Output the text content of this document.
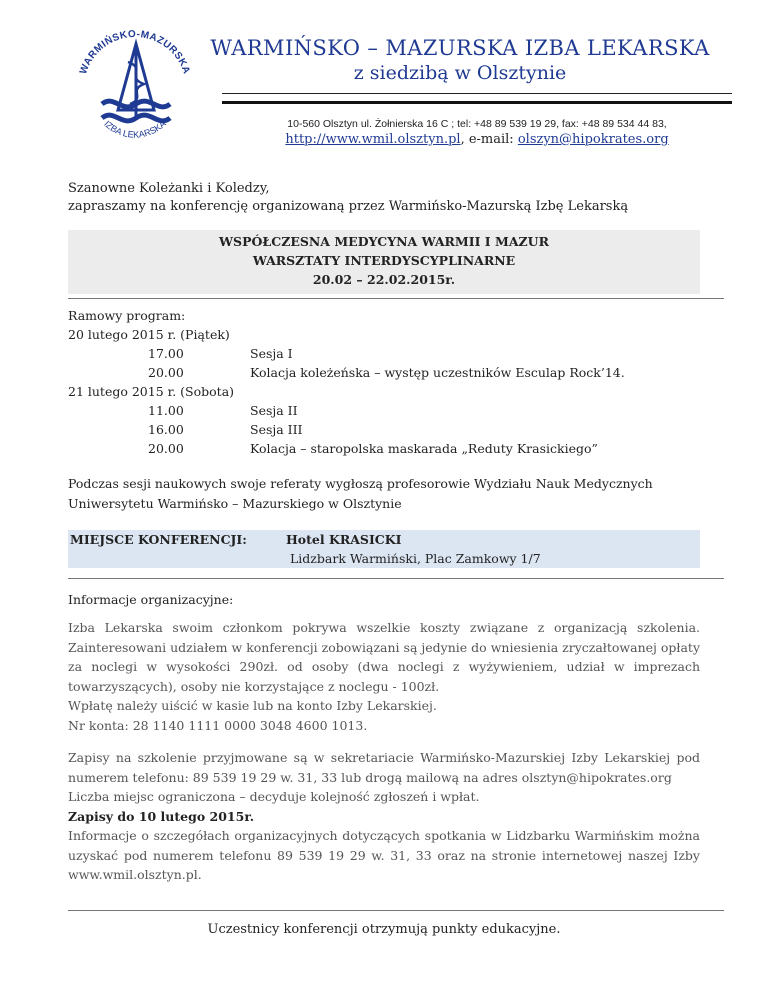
WARMIŃSKO-MAZURSKA
IZBA LEKARSKA
WARMIŃSKO – MAZURSKA IZBA LEKARSKA
z siedzibą w Olsztynie
10-560 Olsztyn ul. Żołnierska 16 C ; tel: +48 89 539 19 29, fax: +48 89 534 44 83,
http://www.wmil.olsztyn.pl, e-mail: olszyn@hipokrates.org
Szanowne Koleżanki i Koledzy,
zapraszamy na konferencję organizowaną przez Warmińsko-Mazurską Izbę Lekarską
WSPÓŁCZESNA MEDYCYNA WARMII I MAZUR
WARSZTATY INTERDYSCYPLINARNE
20.02 – 22.02.2015r.
Ramowy program:
20 lutego 2015 r. (Piątek)
17.00	Sesja I
20.00	Kolacja koleżeńska – występ uczestników Esculap Rock’14.
21 lutego 2015 r. (Sobota)
11.00	Sesja II
16.00	Sesja III
20.00	Kolacja – staropolska maskarada „Reduty Krasickiego”
Podczas sesji naukowych swoje referaty wygłoszą profesorowie Wydziału Nauk Medycznych
Uniwersytetu Warmińsko – Mazurskiego w Olsztynie
MIEJSCE KONFERENCJI:	Hotel KRASICKI
Lidzbark Warmiński, Plac Zamkowy 1/7
Informacje organizacyjne:
Izba Lekarska swoim członkom pokrywa wszelkie koszty związane z organizacją szkolenia. Zainteresowani udziałem w konferencji zobowiązani są jedynie do wniesienia zryczałtowanej opłaty za noclegi w wysokości 290zł. od osoby (dwa noclegi z wyżywieniem, udział w imprezach towarzyszących), osoby nie korzystające z noclegu - 100zł.
Wpłatę należy uiścić w kasie lub na konto Izby Lekarskiej.
Nr konta: 28 1140 1111 0000 3048 4600 1013.
Zapisy na szkolenie przyjmowane są w sekretariacie Warmińsko-Mazurskiej Izby Lekarskiej pod numerem telefonu: 89 539 19 29 w. 31, 33 lub drogą mailową na adres olsztyn@hipokrates.org
Liczba miejsc ograniczona – decyduje kolejność zgłoszeń i wpłat.
Zapisy do 10 lutego 2015r.
Informacje o szczegółach organizacyjnych dotyczących spotkania w Lidzbarku Warmińskim można uzyskać pod numerem telefonu 89 539 19 29 w. 31, 33 oraz na stronie internetowej naszej Izby www.wmil.olsztyn.pl.
Uczestnicy konferencji otrzymują punkty edukacyjne.
